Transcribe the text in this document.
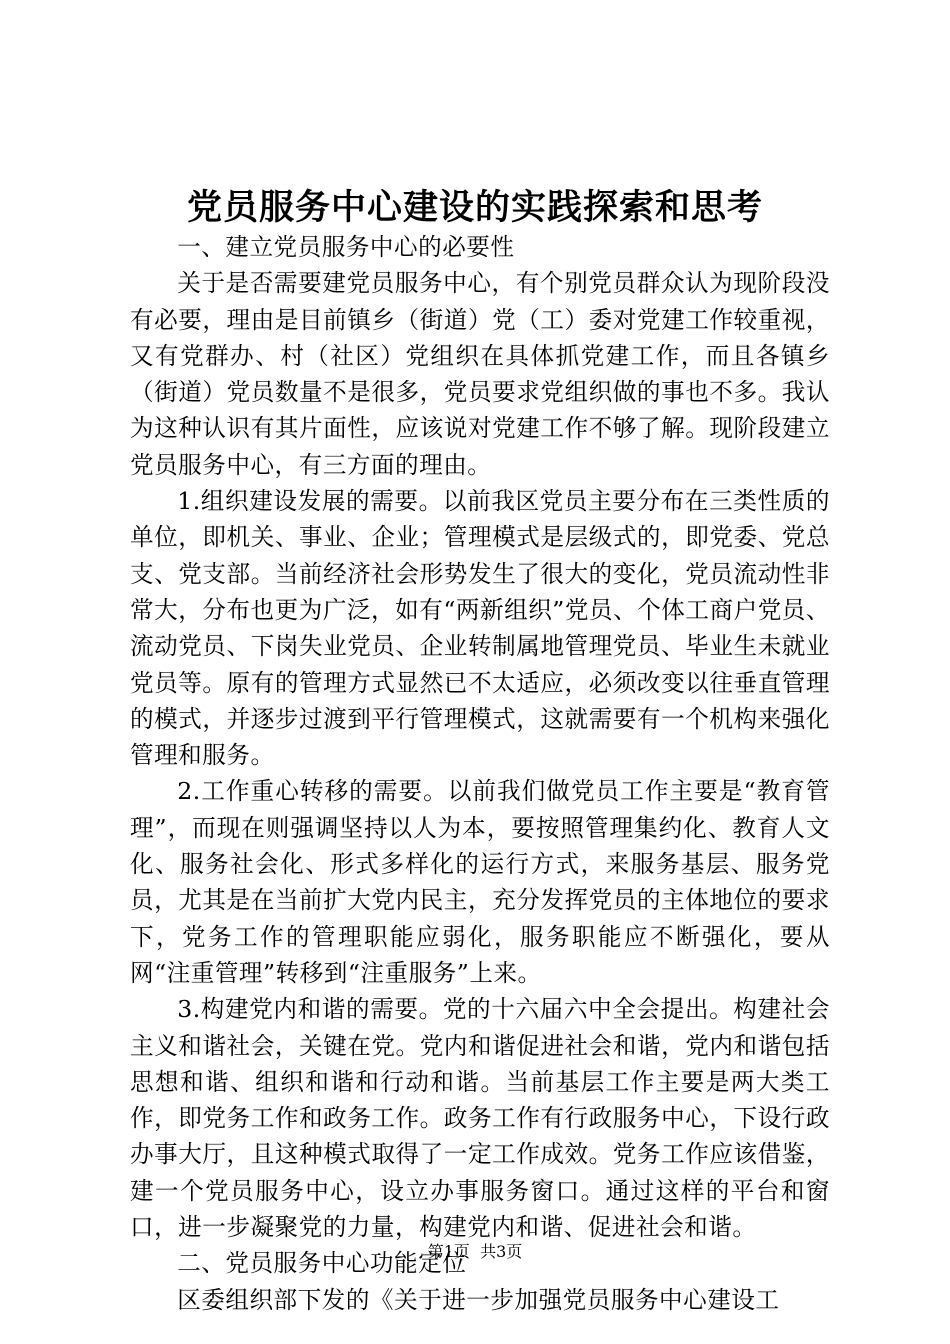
党员服务中心建设的实践探索和思考

一、建立党员服务中心的必要性

关于是否需要建党员服务中心，有个别党员群众认为现阶段没有必要，理由是目前镇乡（街道）党（工）委对党建工作较重视，又有党群办、村（社区）党组织在具体抓党建工作，而且各镇乡（街道）党员数量不是很多，党员要求党组织做的事也不多。我认为这种认识有其片面性，应该说对党建工作不够了解。现阶段建立党员服务中心，有三方面的理由。

1.组织建设发展的需要。以前我区党员主要分布在三类性质的单位，即机关、事业、企业；管理模式是层级式的，即党委、党总支、党支部。当前经济社会形势发生了很大的变化，党员流动性非常大，分布也更为广泛，如有“两新组织”党员、个体工商户党员、流动党员、下岗失业党员、企业转制属地管理党员、毕业生未就业党员等。原有的管理方式显然已不太适应，必须改变以往垂直管理的模式，并逐步过渡到平行管理模式，这就需要有一个机构来强化管理和服务。

2.工作重心转移的需要。以前我们做党员工作主要是“教育管理”，而现在则强调坚持以人为本，要按照管理集约化、教育人文化、服务社会化、形式多样化的运行方式，来服务基层、服务党员，尤其是在当前扩大党内民主，充分发挥党员的主体地位的要求下，党务工作的管理职能应弱化，服务职能应不断强化，要从网“注重管理”转移到“注重服务”上来。

3.构建党内和谐的需要。党的十六届六中全会提出。构建社会主义和谐社会，关键在党。党内和谐促进社会和谐，党内和谐包括思想和谐、组织和谐和行动和谐。当前基层工作主要是两大类工作，即党务工作和政务工作。政务工作有行政服务中心，下设行政办事大厅，且这种模式取得了一定工作成效。党务工作应该借鉴，建一个党员服务中心，设立办事服务窗口。通过这样的平台和窗口，进一步凝聚党的力量，构建党内和谐、促进社会和谐。

二、党员服务中心功能定位

区委组织部下发的《关于进一步加强党员服务中心建设工

第1页  共3页
